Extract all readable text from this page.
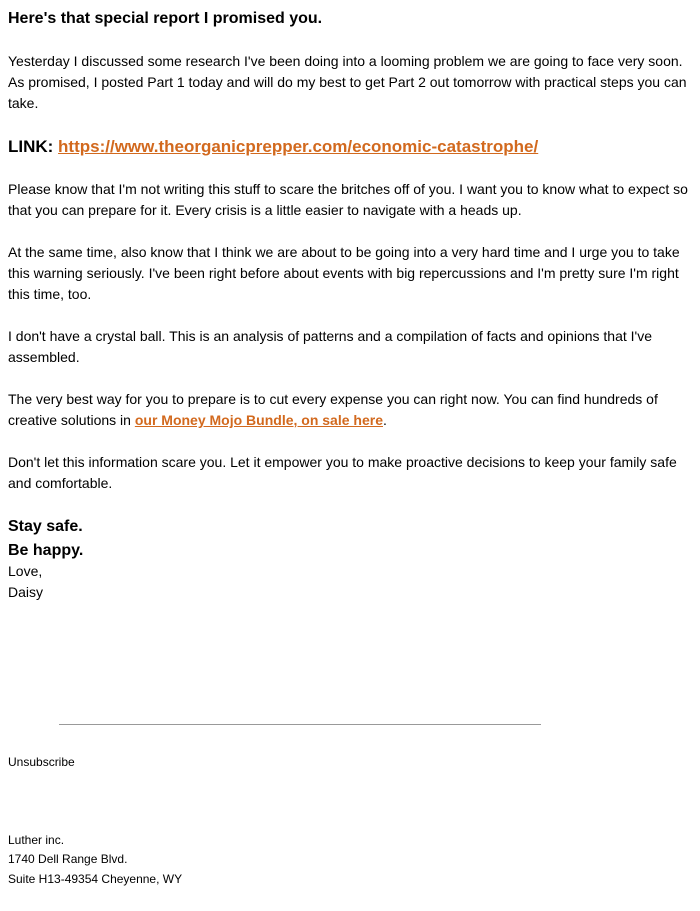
Here's that special report I promised you.

Yesterday I discussed some research I've been doing into a looming problem we are going to face very soon. As promised, I posted Part 1 today and will do my best to get Part 2 out tomorrow with practical steps you can take.

LINK: https://www.theorganicprepper.com/economic-catastrophe/

Please know that I'm not writing this stuff to scare the britches off of you. I want you to know what to expect so that you can prepare for it. Every crisis is a little easier to navigate with a heads up.

At the same time, also know that I think we are about to be going into a very hard time and I urge you to take this warning seriously. I've been right before about events with big repercussions and I'm pretty sure I'm right this time, too.

I don't have a crystal ball. This is an analysis of patterns and a compilation of facts and opinions that I've assembled.

The very best way for you to prepare is to cut every expense you can right now. You can find hundreds of creative solutions in our Money Mojo Bundle, on sale here.

Don't let this information scare you. Let it empower you to make proactive decisions to keep your family safe and comfortable.

Stay safe.

Be happy.

Love,

Daisy

Unsubscribe

Luther inc.

1740 Dell Range Blvd.

Suite H13-49354 Cheyenne, WY
